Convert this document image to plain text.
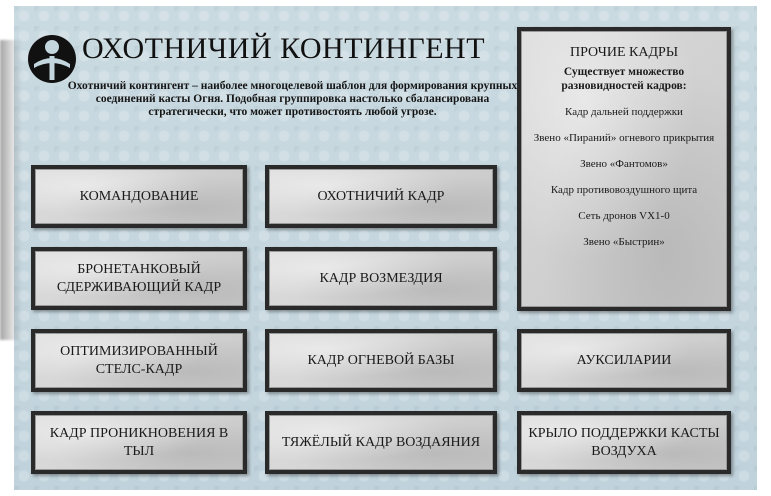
ОХОТНИЧИЙ КОНТИНГЕНТ
Охотничий контингент – наиболее многоцелевой шаблон для формирования крупных соединений касты Огня. Подобная группировка настолько сбалансирована стратегически, что может противостоять любой угрозе.
КОМАНДОВАНИЕ	ОХОТНИЧИЙ КАДР
БРОНЕТАНКОВЫЙ СДЕРЖИВАЮЩИЙ КАДР
КАДР ВОЗМЕЗДИЯ
ОПТИМИЗИРОВАННЫЙ СТЕЛС-КАДР
КАДР ОГНЕВОЙ БАЗЫ	АУКСИЛАРИИ
КАДР ПРОНИКНОВЕНИЯ В ТЫЛ
ТЯЖЁЛЫЙ КАДР ВОЗДАЯНИЯ
КРЫЛО ПОДДЕРЖКИ КАСТЫ ВОЗДУХА
ПРОЧИЕ КАДРЫ
Существует множество разновидностей кадров:
Кадр дальней поддержки
Звено «Пираний» огневого прикрытия
Звено «Фантомов»
Кадр противовоздушного щита
Сеть дронов VX1-0
Звено «Быстрин»
